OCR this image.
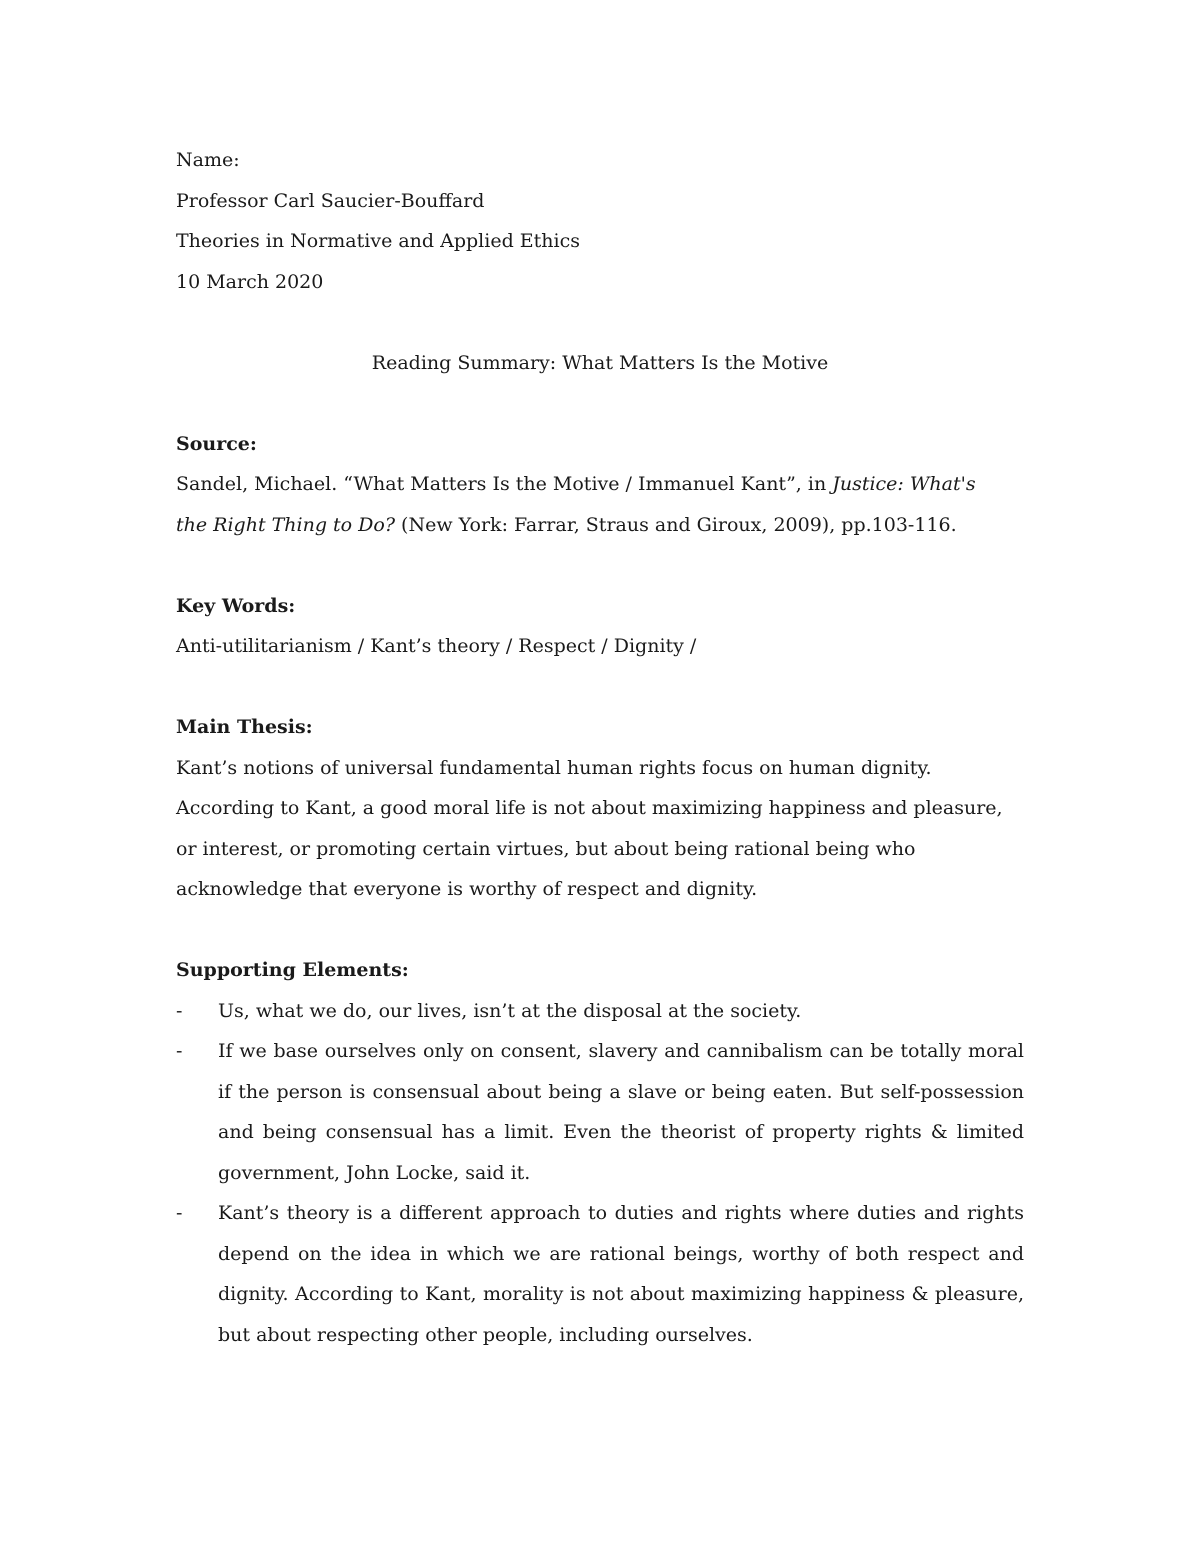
Name:
Professor Carl Saucier-Bouffard
Theories in Normative and Applied Ethics
10 March 2020
Reading Summary: What Matters Is the Motive
Source:
Sandel, Michael. “What Matters Is the Motive / Immanuel Kant”, in Justice: What's the Right Thing to Do? (New York: Farrar, Straus and Giroux, 2009), pp.103-116.
Key Words:
Anti-utilitarianism / Kant’s theory / Respect / Dignity /
Main Thesis:
Kant’s notions of universal fundamental human rights focus on human dignity. According to Kant, a good moral life is not about maximizing happiness and pleasure, or interest, or promoting certain virtues, but about being rational being who acknowledge that everyone is worthy of respect and dignity.
Supporting Elements:
- Us, what we do, our lives, isn’t at the disposal at the society.
- If we base ourselves only on consent, slavery and cannibalism can be totally moral if the person is consensual about being a slave or being eaten. But self-possession and being consensual has a limit. Even the theorist of property rights & limited government, John Locke, said it.
- Kant’s theory is a different approach to duties and rights where duties and rights depend on the idea in which we are rational beings, worthy of both respect and dignity. According to Kant, morality is not about maximizing happiness & pleasure, but about respecting other people, including ourselves.
